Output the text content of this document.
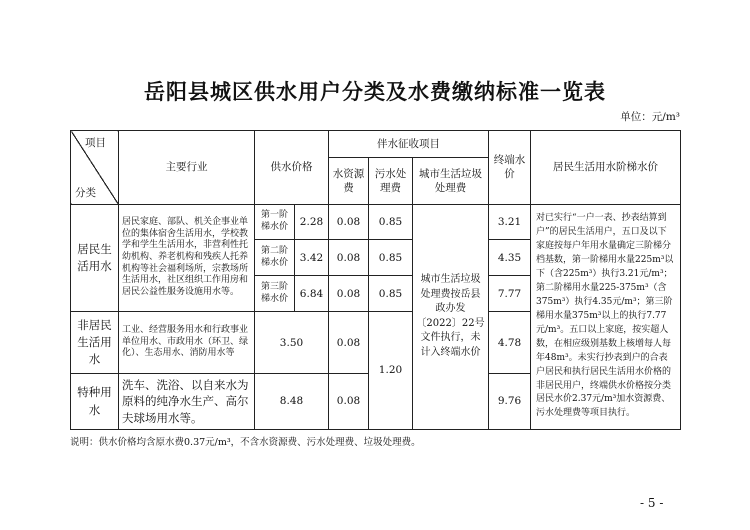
岳阳县城区供水用户分类及水费缴纳标准一览表
单位：元/m³
项目
分类	主要行业	供水价格		伴水征收项目			终端水价	居民生活用水阶梯水价
				水资源费	污水处理费	城市生活垃圾处理费		
居民生活用水	居民家庭、部队、机关企事业单位的集体宿舍生活用水，学校教学和学生生活用水，非营利性托幼机构、养老机构和残疾人托养机构等社会福利场所，宗教场所生活用水，社区组织工作用房和居民公益性服务设施用水等。	第一阶梯水价	2.28	0.08	0.85	城市生活垃圾处理费按岳县政办发〔2022〕22号文件执行，未计入终端水价	3.21	对已实行“一户一表、抄表结算到户”的居民生活用户，五口及以下家庭按每户年用水量确定三阶梯分档基数，第一阶梯用水量225m³以下（含225m³）执行3.21元/m³；第二阶梯用水量225-375m³（含375m³）执行4.35元/m³；第三阶梯用水量375m³以上的执行7.77元/m³。五口以上家庭，按实超人数，在相应级别基数上核增每人每年48m³。未实行抄表到户的合表户居民和执行居民生活用水价格的非居民用户，终端供水价格按分类居民水价2.37元/m³加水资源费、污水处理费等项目执行。
		第二阶梯水价	3.42	0.08	0.85		4.35	
		第三阶梯水价	6.84	0.08	0.85		7.77	
非居民生活用水	工业、经营服务用水和行政事业单位用水、市政用水（环卫、绿化）、生态用水、消防用水等	3.50		0.08	1.20		4.78	
特种用水	洗车、洗浴、以自来水为原料的纯净水生产、高尔夫球场用水等。	8.48		0.08			9.76	
说明：供水价格均含原水费0.37元/m³，不含水资源费、污水处理费、垃圾处理费。
- 5 -
